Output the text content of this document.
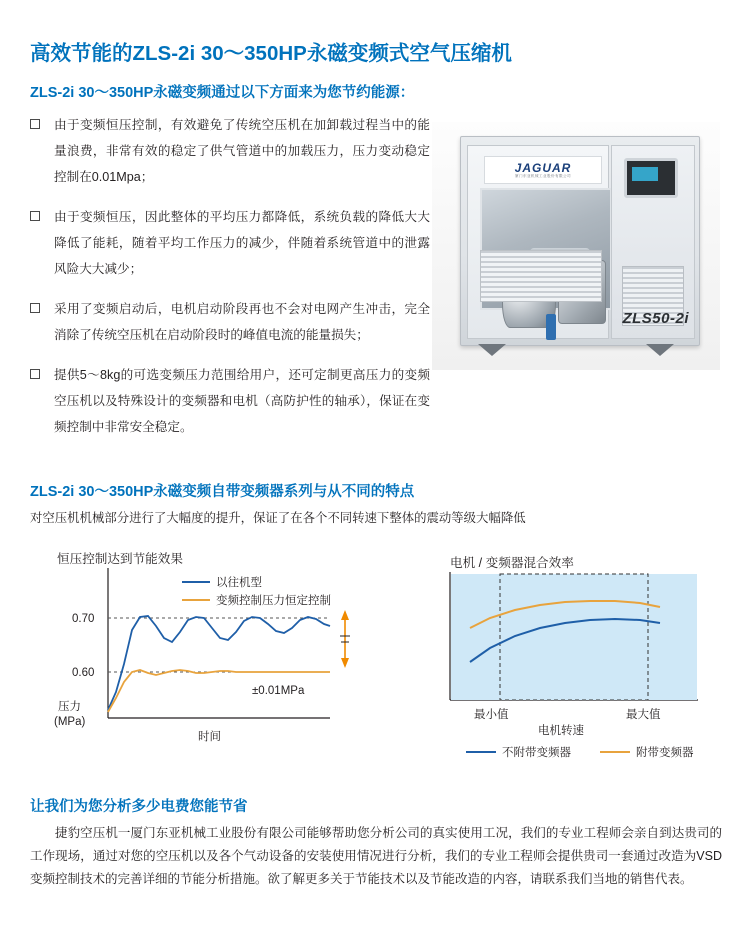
高效节能的ZLS-2i 30～350HP永磁变频式空气压缩机
ZLS-2i 30～350HP永磁变频通过以下方面来为您节约能源：
由于变频恒压控制，有效避免了传统空压机在加卸载过程当中的能量浪费，非常有效的稳定了供气管道中的加载压力，压力变动稳定控制在0.01Mpa；
由于变频恒压，因此整体的平均压力都降低，系统负载的降低大大降低了能耗，随着平均工作压力的减少，伴随着系统管道中的泄露风险大大减少；
采用了变频启动后，电机启动阶段再也不会对电网产生冲击，完全消除了传统空压机在启动阶段时的峰值电流的能量损失；
提供5～8kg的可选变频压力范围给用户，还可定制更高压力的变频空压机以及特殊设计的变频器和电机（高防护性的轴承），保证在变频控制中非常安全稳定。
JAGUAR
厦门东亚机械工业股份有限公司
ZLS50-2i
ZLS-2i 30～350HP永磁变频自带变频器系列与从不同的特点
对空压机机械部分进行了大幅度的提升，保证了在各个不同转速下整体的震动等级大幅降低
恒压控制达到节能效果	电机 / 变频器混合效率
0.70
0.60
压力
(MPa)
时间
±0.01MPa
以往机型
变频控制压力恒定控制
最小值	最大值
电机转速
不附带变频器	附带变频器
让我们为您分析多少电费您能节省
捷豹空压机一厦门东亚机械工业股份有限公司能够帮助您分析公司的真实使用工况，我们的专业工程师会亲自到达贵司的工作现场，通过对您的空压机以及各个气动设备的安装使用情况进行分析，我们的专业工程师会提供贵司一套通过改造为VSD变频控制技术的完善详细的节能分析措施。欲了解更多关于节能技术以及节能改造的内容，请联系我们当地的销售代表。
